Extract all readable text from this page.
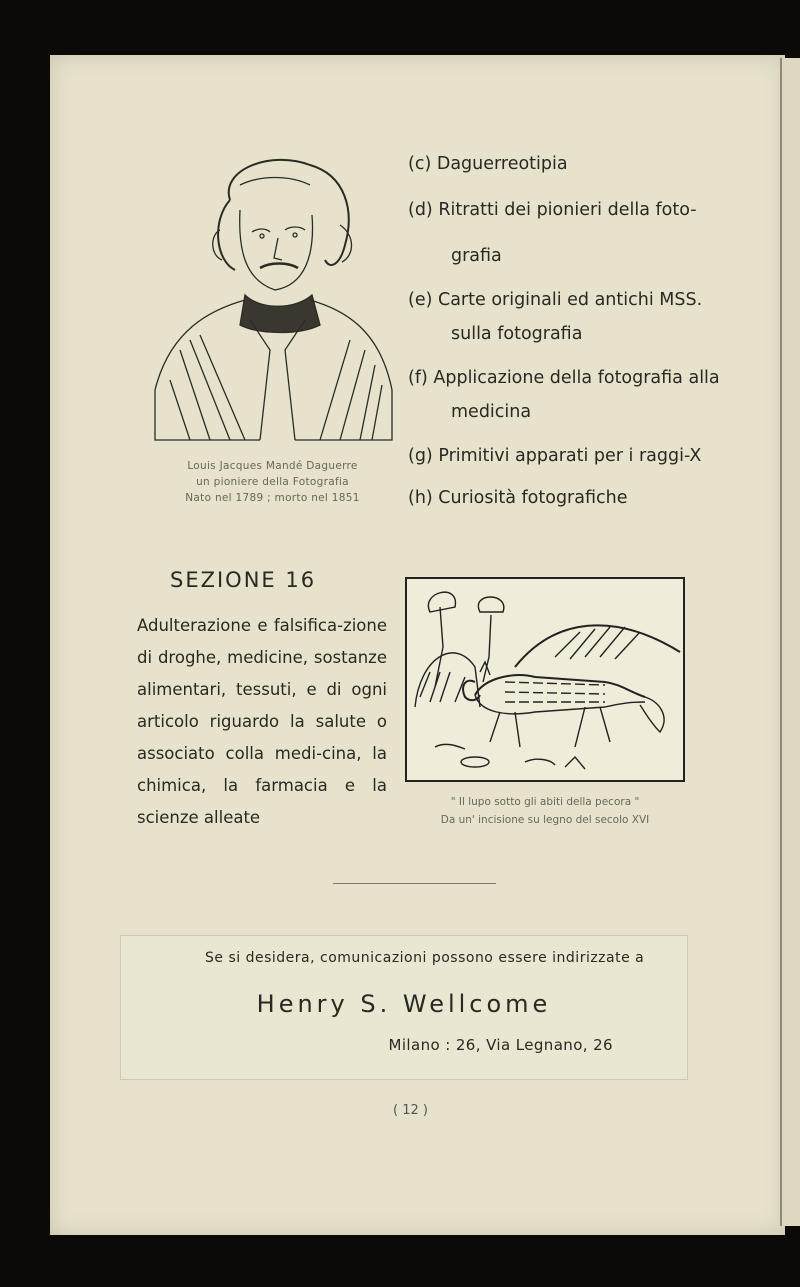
Louis Jacques Mandé Daguerre
un pioniere della Fotografia
Nato nel 1789 ; morto nel 1851
(c) Daguerreotipia
(d) Ritratti dei pionieri della foto-
grafia
(e) Carte originali ed antichi MSS.
sulla fotografia
(f) Applicazione della fotografia alla
medicina
(g) Primitivi apparati per i raggi-X
(h) Curiosità fotografiche
SEZIONE 16
Adulterazione e falsifica-zione di droghe, medicine, sostanze alimentari, tessuti, e di ogni articolo riguardo la salute o associato colla medi-cina, la chimica, la farmacia e la scienze alleate
" Il lupo sotto gli abiti della pecora "
Da un' incisione su legno del secolo XVI
Se si desidera, comunicazioni possono essere indirizzate a
Henry S. Wellcome
Milano : 26, Via Legnano, 26
( 12 )
